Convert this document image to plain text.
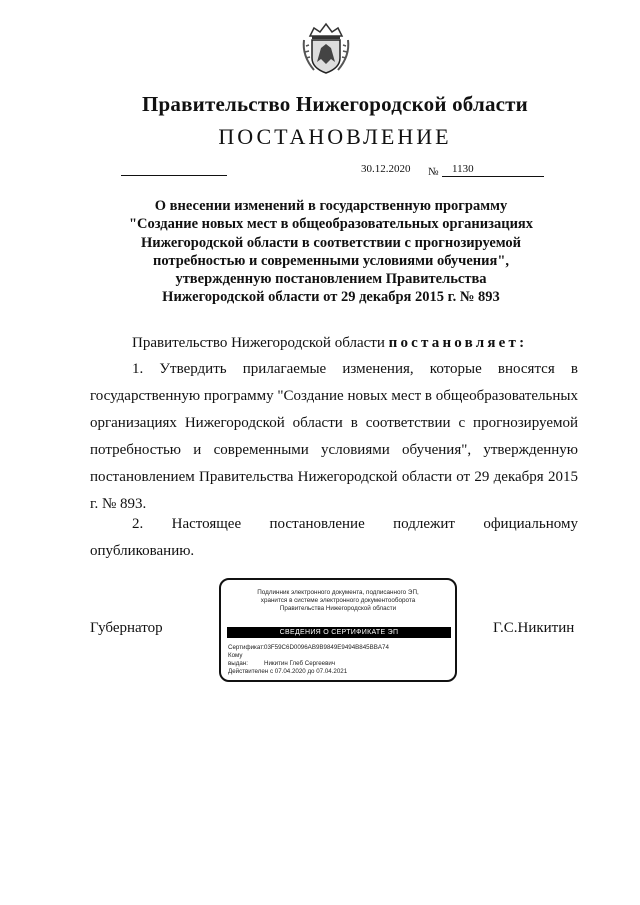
Правительство Нижегородской области
ПОСТАНОВЛЕНИЕ
30.12.2020 №	1130
О внесении изменений в государственную программу
"Создание новых мест в общеобразовательных организациях
Нижегородской области в соответствии с прогнозируемой
потребностью и современными условиями обучения",
утвержденную постановлением Правительства
Нижегородской области от 29 декабря 2015 г. № 893
Правительство Нижегородской области постановляет:
1. Утвердить прилагаемые изменения, которые вносятся в государственную программу "Создание новых мест в общеобразовательных организациях Нижегородской области в соответствии с прогнозируемой потребностью и современными условиями обучения", утвержденную постановлением Правительства Нижегородской области от 29 декабря 2015 г. № 893.
2. Настоящее постановление подлежит официальному опубликованию.
Губернатор	Г.С.Никитин
Подлинник электронного документа, подписанного ЭП,
хранится в системе электронного документооборота
Правительства Нижегородской области
СВЕДЕНИЯ О СЕРТИФИКАТЕ ЭП
Сертификат:03F59C6D0096AB9B9849E9494B845BBA74
Кому выдан:	Никитин Глеб Сергеевич
Действителен с 07.04.2020 до 07.04.2021
